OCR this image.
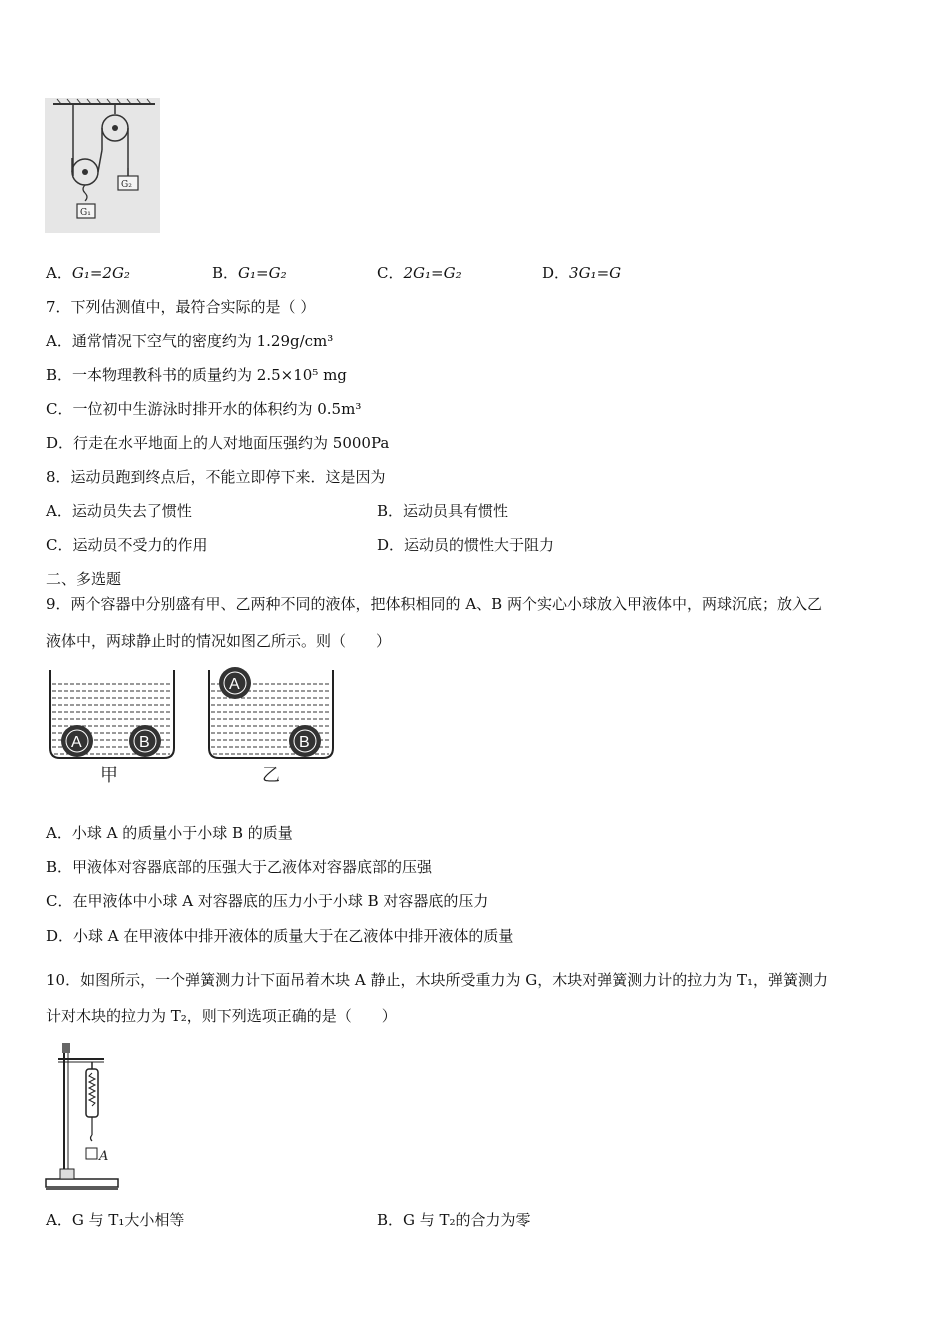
G₁
G₂
A．G₁=2G₂	B．G₁=G₂	C．2G₁=G₂	D．3G₁=G
7．下列估测值中，最符合实际的是（ ）
A．通常情况下空气的密度约为 1.29g/cm³
B．一本物理教科书的质量约为 2.5×10⁵ mg
C．一位初中生游泳时排开水的体积约为 0.5m³
D．行走在水平地面上的人对地面压强约为 5000Pa
8．运动员跑到终点后，不能立即停下来．这是因为
A．运动员失去了惯性	B．运动员具有惯性
C．运动员不受力的作用	D．运动员的惯性大于阻力
二、多选题
9．两个容器中分别盛有甲、乙两种不同的液体，把体积相同的 A、B 两个实心小球放入甲液体中，两球沉底；放入乙
液体中，两球静止时的情况如图乙所示。则（　　）
A	B
甲
A
B
乙
A．小球 A 的质量小于小球 B 的质量
B．甲液体对容器底部的压强大于乙液体对容器底部的压强
C．在甲液体中小球 A 对容器底的压力小于小球 B 对容器底的压力
D．小球 A 在甲液体中排开液体的质量大于在乙液体中排开液体的质量
10．如图所示，一个弹簧测力计下面吊着木块 A 静止，木块所受重力为 G，木块对弹簧测力计的拉力为 T₁，弹簧测力
计对木块的拉力为 T₂，则下列选项正确的是（　　）
A
A．G 与 T₁大小相等	B．G 与 T₂的合力为零
